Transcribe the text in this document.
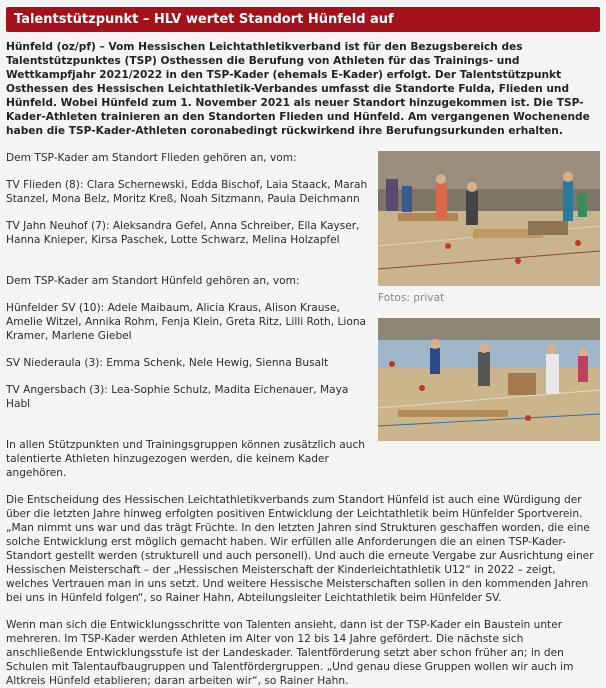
Talentstützpunkt – HLV wertet Standort Hünfeld auf

Hünfeld (oz/pf) – Vom Hessischen Leichtathletikverband ist für den Bezugsbereich des Talentstützpunktes (TSP) Osthessen die Berufung von Athleten für das Trainings- und Wettkampfjahr 2021/2022 in den TSP-Kader (ehemals E-Kader) erfolgt. Der Talentstützpunkt Osthessen des Hessischen Leichtathletik-Verbandes umfasst die Standorte Fulda, Flieden und Hünfeld. Wobei Hünfeld zum 1. November 2021 als neuer Standort hinzugekommen ist. Die TSP-Kader-Athleten trainieren an den Standorten Flieden und Hünfeld. Am vergangenen Wochenende haben die TSP-Kader-Athleten coronabedingt rückwirkend ihre Berufungsurkunden erhalten.

Dem TSP-Kader am Standort Flieden gehören an, vom:

TV Flieden (8): Clara Schernewski, Edda Bischof, Laia Staack, Marah Stanzel, Mona Belz, Moritz Kreß, Noah Sitzmann, Paula Deichmann

TV Jahn Neuhof (7): Aleksandra Gefel, Anna Schreiber, Ella Kayser, Hanna Knieper, Kirsa Paschek, Lotte Schwarz, Melina Holzapfel

Dem TSP-Kader am Standort Hünfeld gehören an, vom:

Hünfelder SV (10): Adele Maibaum, Alicia Kraus, Alison Krause, Amelie Witzel, Annika Rohm, Fenja Klein, Greta Ritz, Lilli Roth, Liona Kramer, Marlene Giebel

SV Niederaula (3): Emma Schenk, Nele Hewig, Sienna Busalt

TV Angersbach (3): Lea-Sophie Schulz, Madita Eichenauer, Maya Habl

In allen Stützpunkten und Trainingsgruppen können zusätzlich auch talentierte Athleten hinzugezogen werden, die keinem Kader angehören.

Fotos: privat

Die Entscheidung des Hessischen Leichtathletikverbands zum Standort Hünfeld ist auch eine Würdigung der über die letzten Jahre hinweg erfolgten positiven Entwicklung der Leichtathletik beim Hünfelder Sportverein. „Man nimmt uns war und das trägt Früchte. In den letzten Jahren sind Strukturen geschaffen worden, die eine solche Entwicklung erst möglich gemacht haben. Wir erfüllen alle Anforderungen die an einen TSP-Kader-Standort gestellt werden (strukturell und auch personell). Und auch die erneute Vergabe zur Ausrichtung einer Hessischen Meisterschaft – der „Hessischen Meisterschaft der Kinderleichtathletik U12“ in 2022 – zeigt, welches Vertrauen man in uns setzt. Und weitere Hessische Meisterschaften sollen in den kommenden Jahren bei uns in Hünfeld folgen“, so Rainer Hahn, Abteilungsleiter Leichtathletik beim Hünfelder SV.

Wenn man sich die Entwicklungsschritte von Talenten ansieht, dann ist der TSP-Kader ein Baustein unter mehreren. Im TSP-Kader werden Athleten im Alter von 12 bis 14 Jahre gefördert. Die nächste sich anschließende Entwicklungsstufe ist der Landeskader. Talentförderung setzt aber schon früher an; in den Schulen mit Talentaufbaugruppen und Talentfördergruppen. „Und genau diese Gruppen wollen wir auch im Altkreis Hünfeld etablieren; daran arbeiten wir“, so Rainer Hahn.
